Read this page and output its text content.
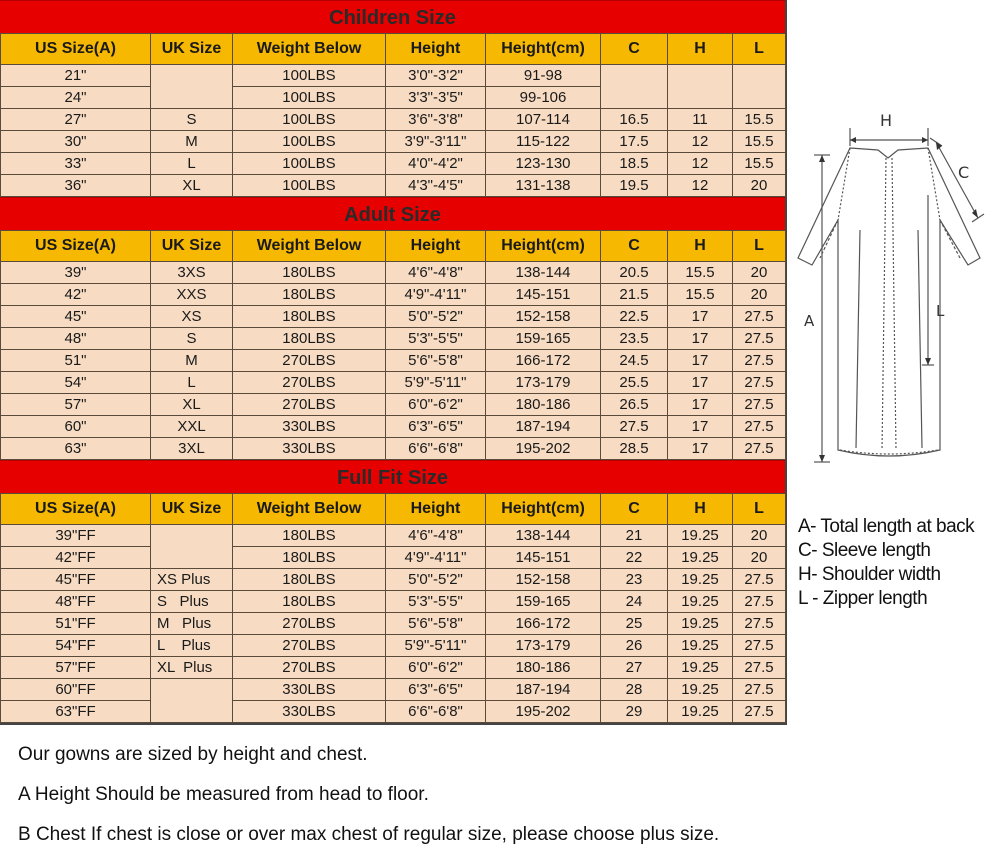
Children Size
US Size(A)	UK Size	Weight Below	Height	Height(cm)	C	H	L
21"		100LBS	3'0"-3'2"	91-98			
24"		100LBS	3'3"-3'5"	99-106			
27"	S	100LBS	3'6"-3'8"	107-114	16.5	11	15.5
30"	M	100LBS	3'9"-3'11"	115-122	17.5	12	15.5
33"	L	100LBS	4'0"-4'2"	123-130	18.5	12	15.5
36"	XL	100LBS	4'3"-4'5"	131-138	19.5	12	20
Adult Size
US Size(A)	UK Size	Weight Below	Height	Height(cm)	C	H	L
39"	3XS	180LBS	4'6"-4'8"	138-144	20.5	15.5	20
42"	XXS	180LBS	4'9"-4'11"	145-151	21.5	15.5	20
45"	XS	180LBS	5'0"-5'2"	152-158	22.5	17	27.5
48"	S	180LBS	5'3"-5'5"	159-165	23.5	17	27.5
51"	M	270LBS	5'6"-5'8"	166-172	24.5	17	27.5
54"	L	270LBS	5'9"-5'11"	173-179	25.5	17	27.5
57"	XL	270LBS	6'0"-6'2"	180-186	26.5	17	27.5
60"	XXL	330LBS	6'3"-6'5"	187-194	27.5	17	27.5
63"	3XL	330LBS	6'6"-6'8"	195-202	28.5	17	27.5
Full Fit Size
US Size(A)	UK Size	Weight Below	Height	Height(cm)	C	H	L
39"FF		180LBS	4'6"-4'8"	138-144	21	19.25	20
42"FF		180LBS	4'9"-4'11"	145-151	22	19.25	20
45"FF	XS Plus	180LBS	5'0"-5'2"	152-158	23	19.25	27.5
48"FF	S   Plus	180LBS	5'3"-5'5"	159-165	24	19.25	27.5
51"FF	M   Plus	270LBS	5'6"-5'8"	166-172	25	19.25	27.5
54"FF	L    Plus	270LBS	5'9"-5'11"	173-179	26	19.25	27.5
57"FF	XL  Plus	270LBS	6'0"-6'2"	180-186	27	19.25	27.5
60"FF		330LBS	6'3"-6'5"	187-194	28	19.25	27.5
63"FF		330LBS	6'6"-6'8"	195-202	29	19.25	27.5
H
C
A
L
A- Total length at back
C- Sleeve length
H- Shoulder width
L - Zipper length
Our gowns are sized by height and chest.
A Height Should be measured from head to floor.
B Chest If chest is close or over max chest of regular size, please choose plus size.
